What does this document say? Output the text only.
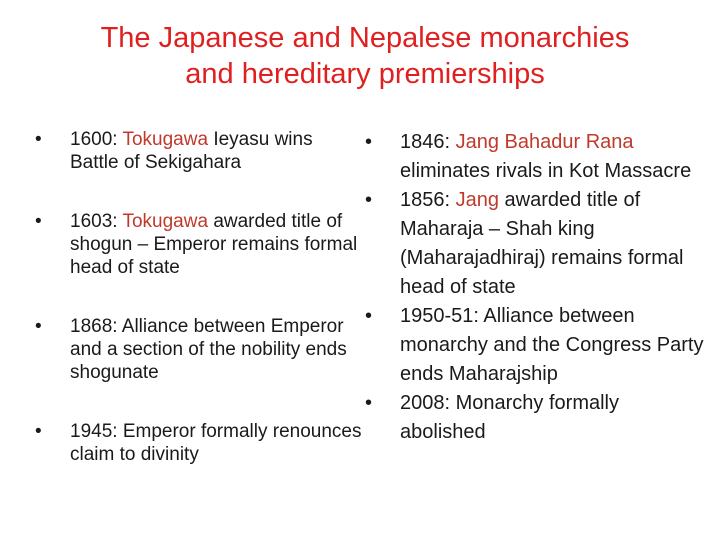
The Japanese and Nepalese monarchies
and hereditary premierships
• 1600: Tokugawa Ieyasu wins Battle of Sekigahara
• 1603: Tokugawa awarded title of shogun – Emperor remains formal head of state
• 1868: Alliance between Emperor and a section of the nobility ends shogunate
• 1945: Emperor formally renounces claim to divinity
• 1846: Jang Bahadur Rana eliminates rivals in Kot Massacre
• 1856: Jang awarded title of Maharaja – Shah king (Maharajadhiraj) remains formal head of state
• 1950-51: Alliance between monarchy and the Congress Party ends Maharajship
• 2008: Monarchy formally abolished
